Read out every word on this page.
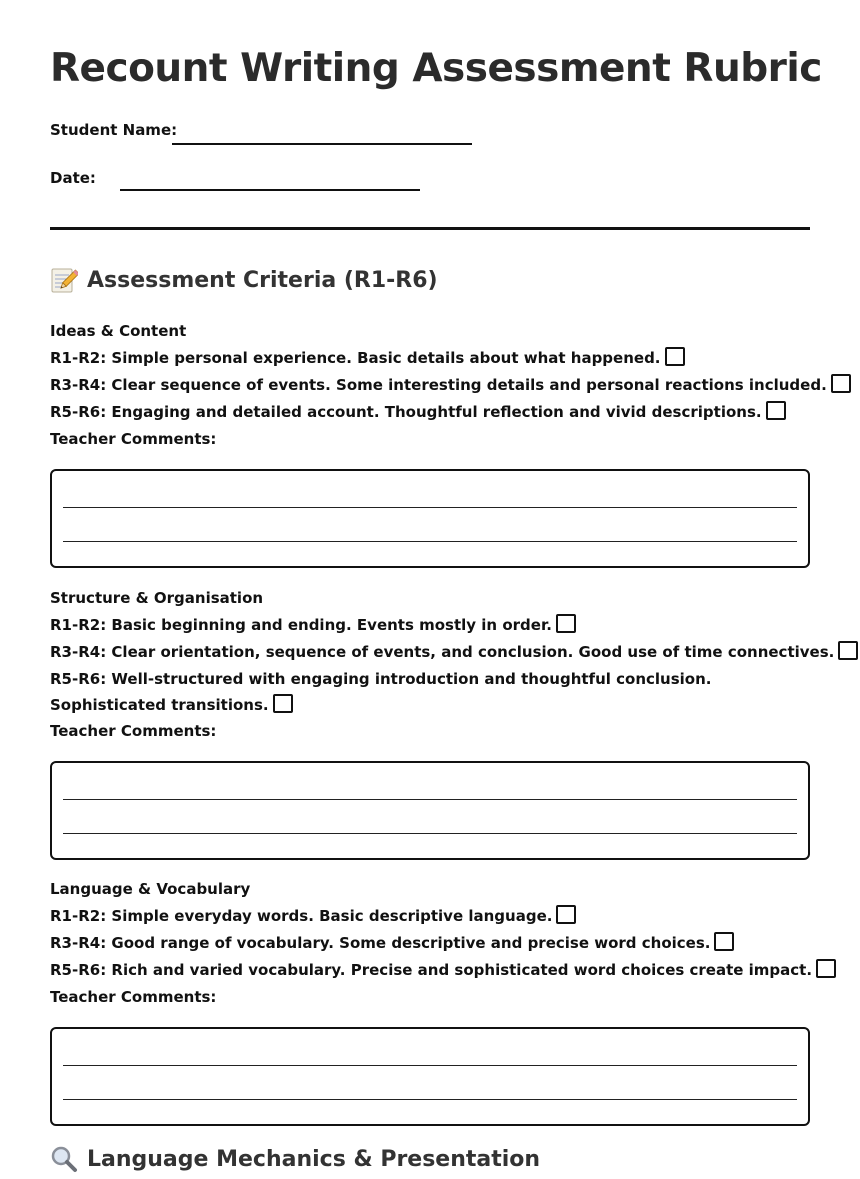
Recount Writing Assessment Rubric
Student Name:
Date:
Assessment Criteria (R1-R6)
Ideas & Content
R1-R2: Simple personal experience. Basic details about what happened.
R3-R4: Clear sequence of events. Some interesting details and personal reactions included.
R5-R6: Engaging and detailed account. Thoughtful reflection and vivid descriptions.
Teacher Comments:
Structure & Organisation
R1-R2: Basic beginning and ending. Events mostly in order.
R3-R4: Clear orientation, sequence of events, and conclusion. Good use of time connectives.
R5-R6: Well-structured with engaging introduction and thoughtful conclusion. Sophisticated transitions.
Teacher Comments:
Language & Vocabulary
R1-R2: Simple everyday words. Basic descriptive language.
R3-R4: Good range of vocabulary. Some descriptive and precise word choices.
R5-R6: Rich and varied vocabulary. Precise and sophisticated word choices create impact.
Teacher Comments:
Language Mechanics & Presentation
